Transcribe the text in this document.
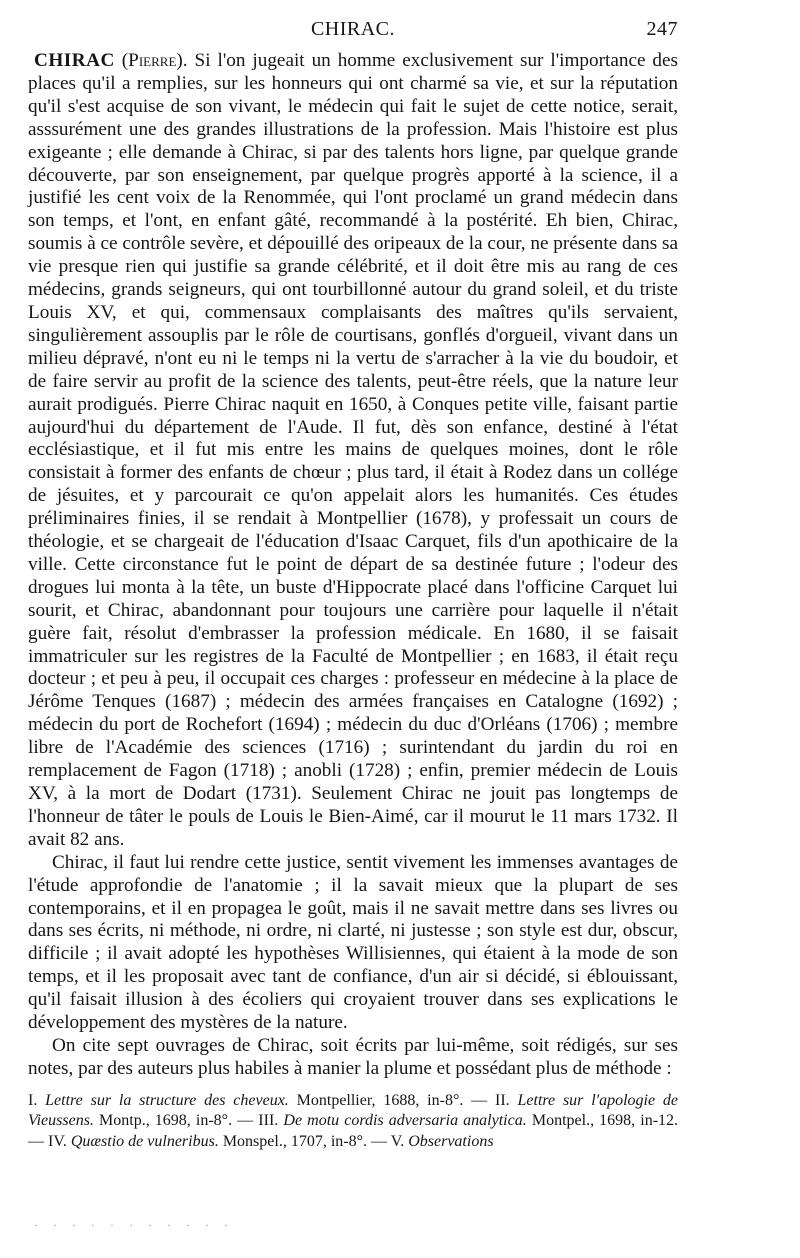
CHIRAC.	247

CHIRAC (Pierre). Si l'on jugeait un homme exclusivement sur l'importance des places qu'il a remplies, sur les honneurs qui ont charmé sa vie, et sur la réputation qu'il s'est acquise de son vivant, le médecin qui fait le sujet de cette notice, serait, asssurément une des grandes illustrations de la profession. Mais l'histoire est plus exigeante ; elle demande à Chirac, si par des talents hors ligne, par quelque grande découverte, par son enseignement, par quelque progrès apporté à la science, il a justifié les cent voix de la Renommée, qui l'ont proclamé un grand médecin dans son temps, et l'ont, en enfant gâté, recommandé à la postérité. Eh bien, Chirac, soumis à ce contrôle sevère, et dépouillé des oripeaux de la cour, ne présente dans sa vie presque rien qui justifie sa grande célébrité, et il doit être mis au rang de ces médecins, grands seigneurs, qui ont tourbillonné autour du grand soleil, et du triste Louis XV, et qui, commensaux complaisants des maîtres qu'ils servaient, singulièrement assouplis par le rôle de courtisans, gonflés d'orgueil, vivant dans un milieu dépravé, n'ont eu ni le temps ni la vertu de s'arracher à la vie du boudoir, et de faire servir au profit de la science des talents, peut-être réels, que la nature leur aurait prodigués. Pierre Chirac naquit en 1650, à Conques petite ville, faisant partie aujourd'hui du département de l'Aude. Il fut, dès son enfance, destiné à l'état ecclésiastique, et il fut mis entre les mains de quelques moines, dont le rôle consistait à former des enfants de chœur ; plus tard, il était à Rodez dans un collége de jésuites, et y parcourait ce qu'on appelait alors les humanités. Ces études préliminaires finies, il se rendait à Montpellier (1678), y professait un cours de théologie, et se chargeait de l'éducation d'Isaac Carquet, fils d'un apothicaire de la ville. Cette circonstance fut le point de départ de sa destinée future ; l'odeur des drogues lui monta à la tête, un buste d'Hippocrate placé dans l'officine Carquet lui sourit, et Chirac, abandonnant pour toujours une carrière pour laquelle il n'était guère fait, résolut d'embrasser la profession médicale. En 1680, il se faisait immatriculer sur les registres de la Faculté de Montpellier ; en 1683, il était reçu docteur ; et peu à peu, il occupait ces charges : professeur en médecine à la place de Jérôme Tenques (1687) ; médecin des armées françaises en Catalogne (1692) ; médecin du port de Rochefort (1694) ; médecin du duc d'Orléans (1706) ; membre libre de l'Académie des sciences (1716) ; surintendant du jardin du roi en remplacement de Fagon (1718) ; anobli (1728) ; enfin, premier médecin de Louis XV, à la mort de Dodart (1731). Seulement Chirac ne jouit pas longtemps de l'honneur de tâter le pouls de Louis le Bien-Aimé, car il mourut le 11 mars 1732. Il avait 82 ans.

Chirac, il faut lui rendre cette justice, sentit vivement les immenses avantages de l'étude approfondie de l'anatomie ; il la savait mieux que la plupart de ses contemporains, et il en propagea le goût, mais il ne savait mettre dans ses livres ou dans ses écrits, ni méthode, ni ordre, ni clarté, ni justesse ; son style est dur, obscur, difficile ; il avait adopté les hypothèses Willisiennes, qui étaient à la mode de son temps, et il les proposait avec tant de confiance, d'un air si décidé, si éblouissant, qu'il faisait illusion à des écoliers qui croyaient trouver dans ses explications le développement des mystères de la nature.

On cite sept ouvrages de Chirac, soit écrits par lui-même, soit rédigés, sur ses notes, par des auteurs plus habiles à manier la plume et possédant plus de méthode :

I. Lettre sur la structure des cheveux. Montpellier, 1688, in-8°. — II. Lettre sur l'apologie de Vieussens. Montp., 1698, in-8°. — III. De motu cordis adversaria analytica. Montpel., 1698, in-12. — IV. Quæstio de vulneribus. Monspel., 1707, in-8°. — V. Observations
· · · · · · · · · · ·
